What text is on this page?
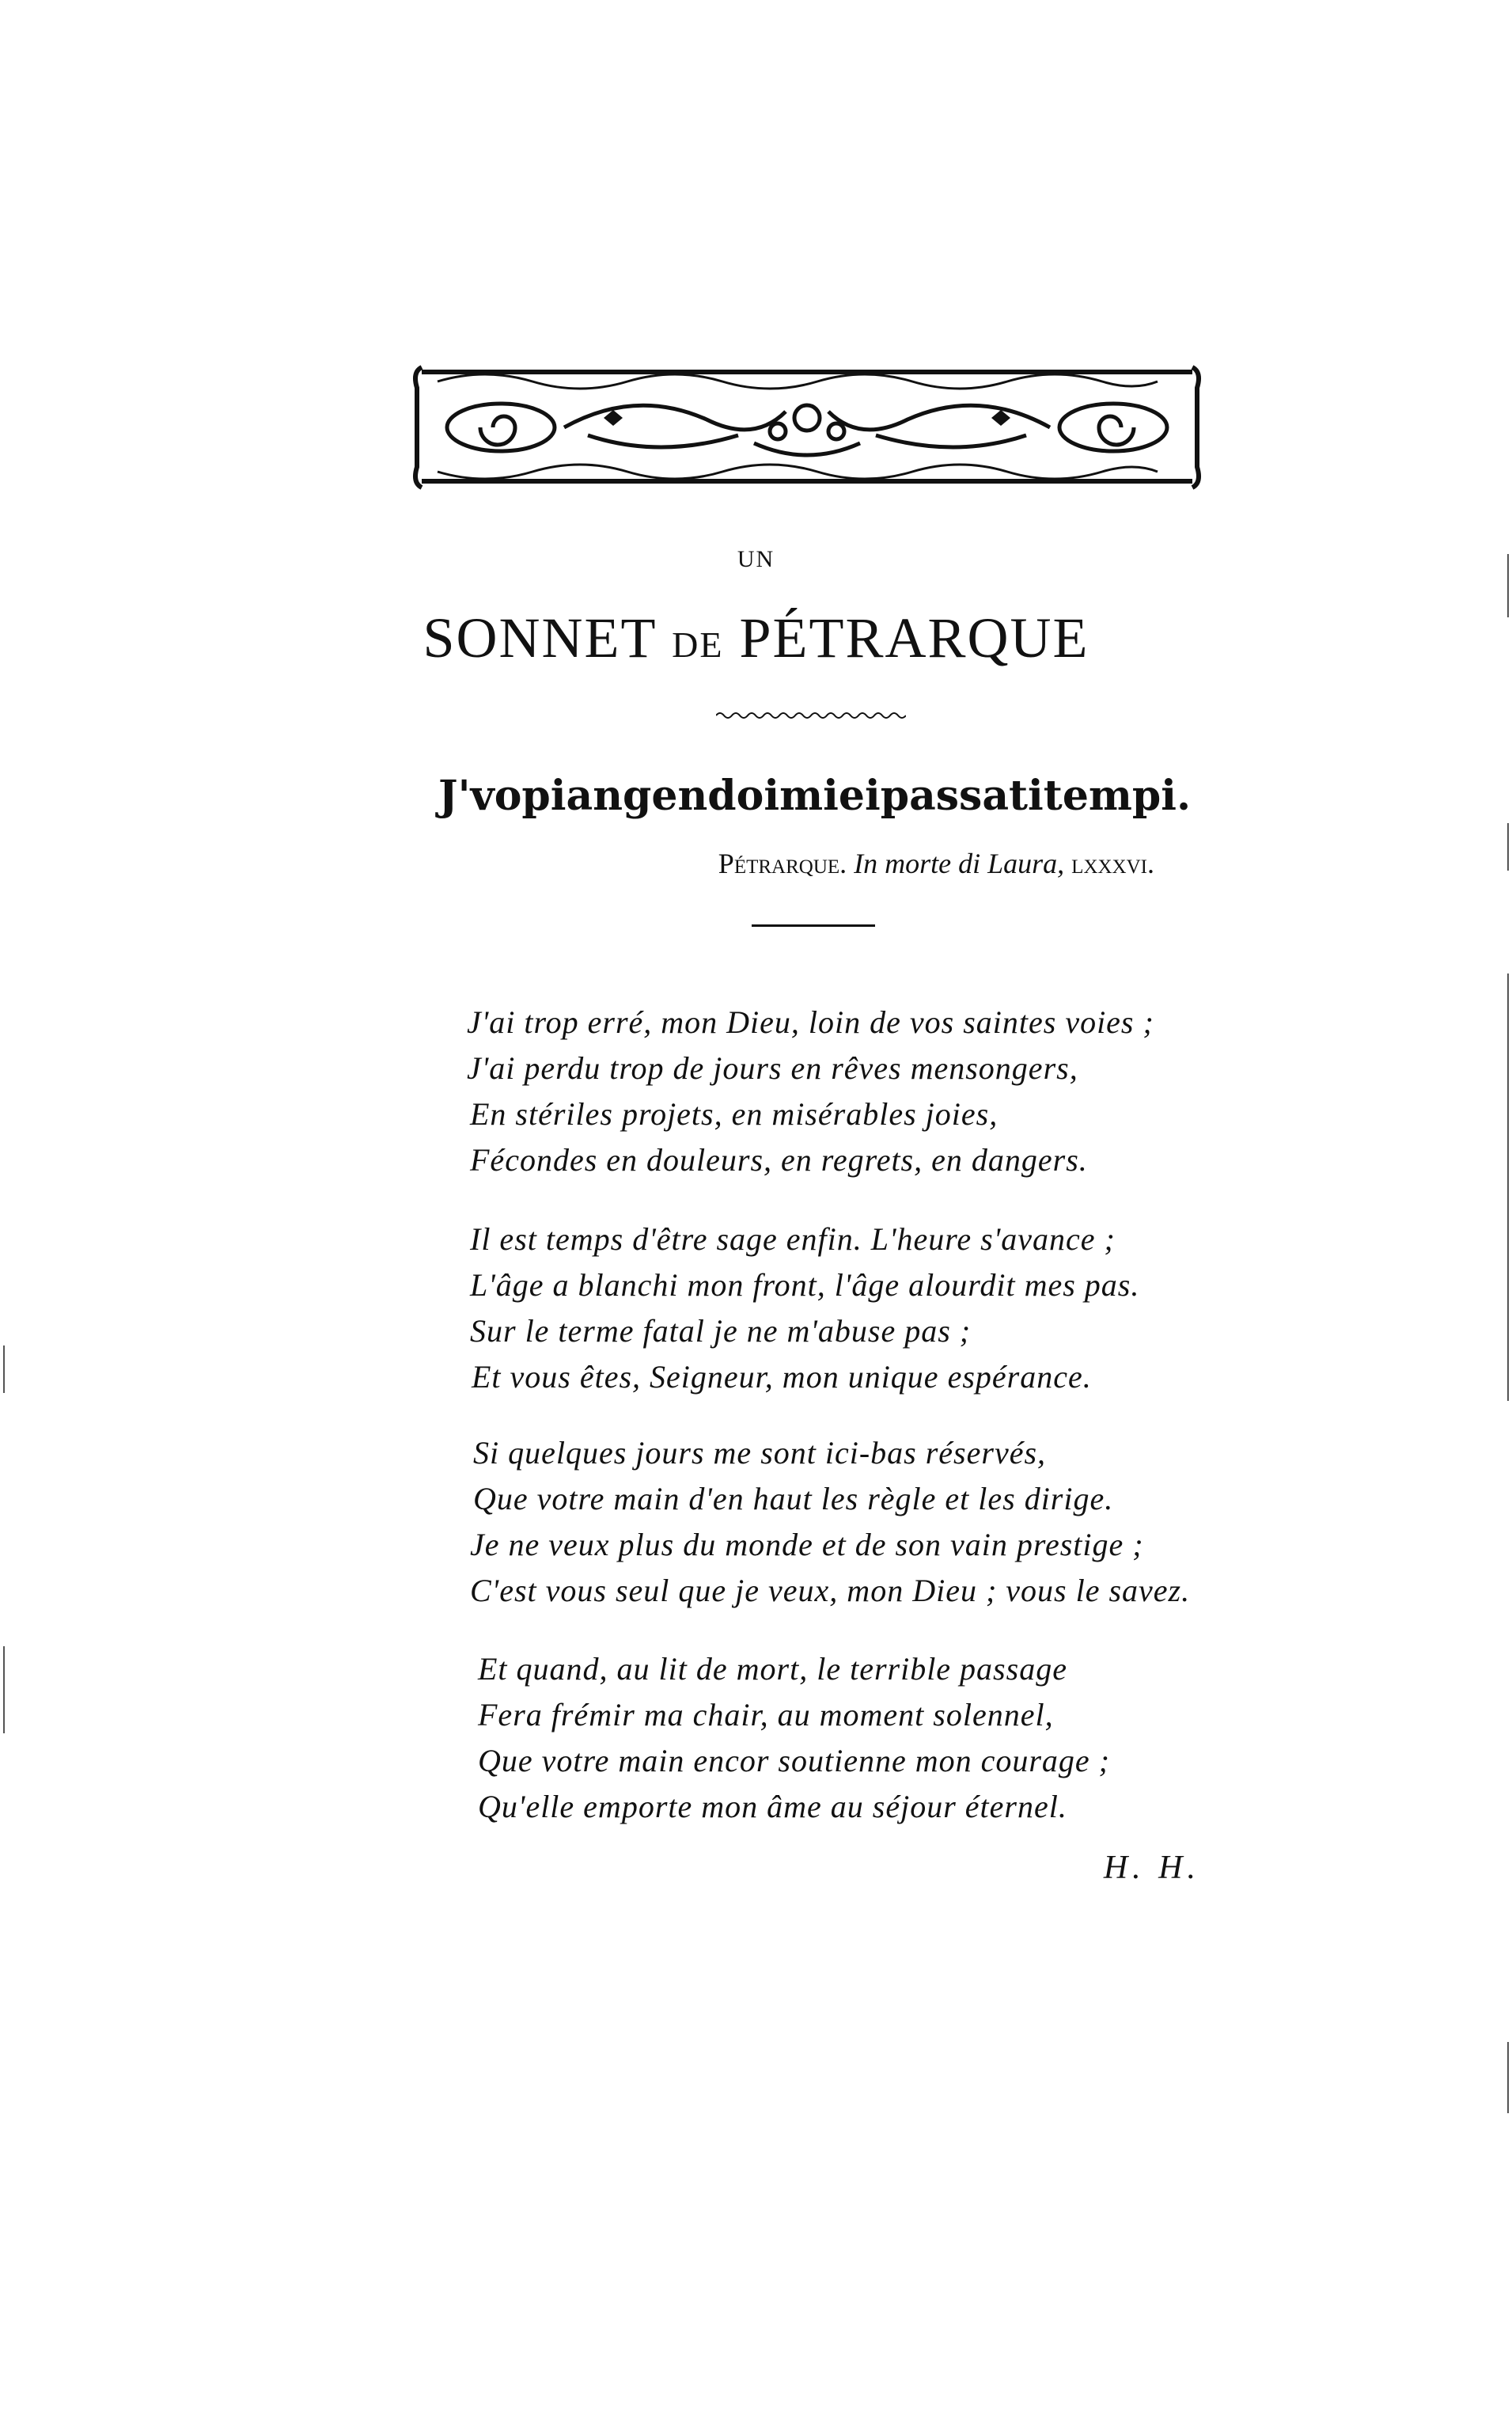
UN
SONNET DE PÉTRARQUE
J'vo piangendo i miei passati tempi.
Pétrarque. In morte di Laura, lxxxvi.
J'ai trop erré, mon Dieu, loin de vos saintes voies ;
J'ai perdu trop de jours en rêves mensongers,
En stériles projets, en misérables joies,
Fécondes en douleurs, en regrets, en dangers.
Il est temps d'être sage enfin. L'heure s'avance ;
L'âge a blanchi mon front, l'âge alourdit mes pas.
Sur le terme fatal je ne m'abuse pas ;
Et vous êtes, Seigneur, mon unique espérance.
Si quelques jours me sont ici-bas réservés,
Que votre main d'en haut les règle et les dirige.
Je ne veux plus du monde et de son vain prestige ;
C'est vous seul que je veux, mon Dieu ; vous le savez.
Et quand, au lit de mort, le terrible passage
Fera frémir ma chair, au moment solennel,
Que votre main encor soutienne mon courage ;
Qu'elle emporte mon âme au séjour éternel.
H. H.
